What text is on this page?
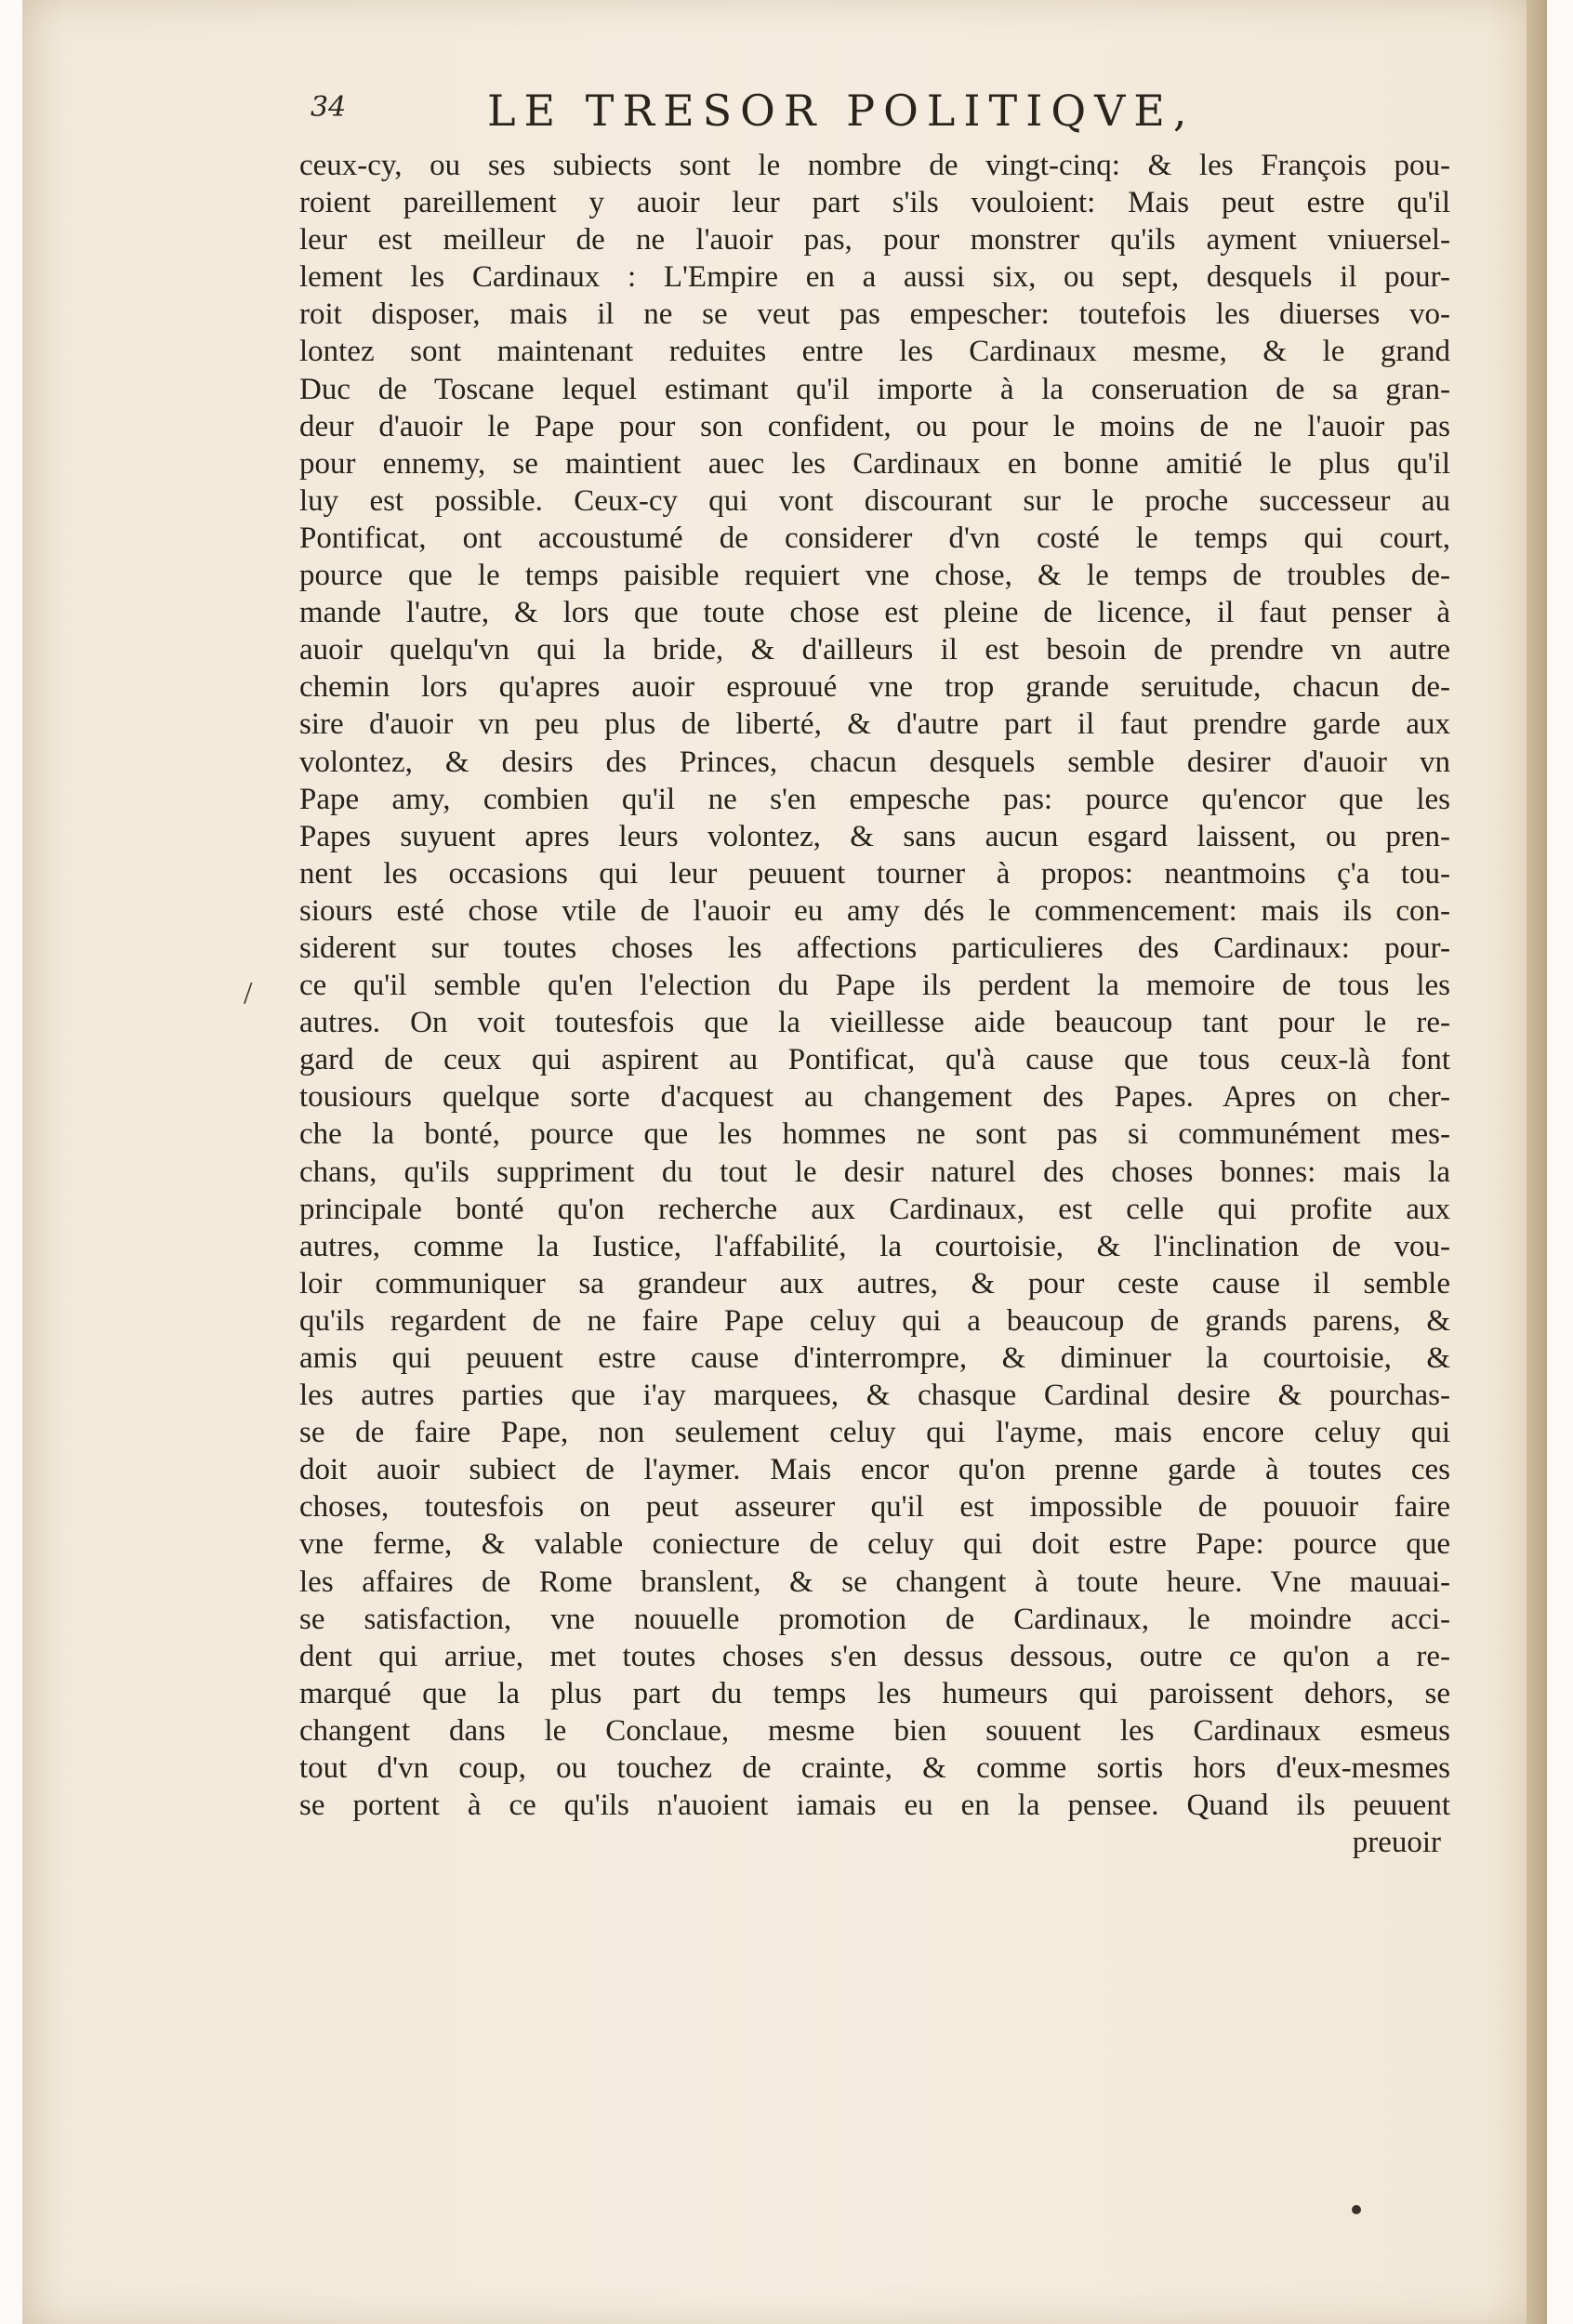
34	LE TRESOR POLITIQVE,
/
ceux-cy, ou ses subiects sont le nombre de vingt-cinq: & les François pou-
roient pareillement y auoir leur part s'ils vouloient: Mais peut estre qu'il
leur est meilleur de ne l'auoir pas, pour monstrer qu'ils ayment vniuersel-
lement les Cardinaux : L'Empire en a aussi six, ou sept, desquels il pour-
roit disposer, mais il ne se veut pas empescher: toutefois les diuerses vo-
lontez sont maintenant reduites entre les Cardinaux mesme, & le grand
Duc de Toscane lequel estimant qu'il importe à la conseruation de sa gran-
deur d'auoir le Pape pour son confident, ou pour le moins de ne l'auoir pas
pour ennemy, se maintient auec les Cardinaux en bonne amitié le plus qu'il
luy est possible. Ceux-cy qui vont discourant sur le proche successeur au
Pontificat, ont accoustumé de considerer d'vn costé le temps qui court,
pource que le temps paisible requiert vne chose, & le temps de troubles de-
mande l'autre, & lors que toute chose est pleine de licence, il faut penser à
auoir quelqu'vn qui la bride, & d'ailleurs il est besoin de prendre vn autre
chemin lors qu'apres auoir esprouué vne trop grande seruitude, chacun de-
sire d'auoir vn peu plus de liberté, & d'autre part il faut prendre garde aux
volontez, & desirs des Princes, chacun desquels semble desirer d'auoir vn
Pape amy, combien qu'il ne s'en empesche pas: pource qu'encor que les
Papes suyuent apres leurs volontez, & sans aucun esgard laissent, ou pren-
nent les occasions qui leur peuuent tourner à propos: neantmoins ç'a tou-
siours esté chose vtile de l'auoir eu amy dés le commencement: mais ils con-
siderent sur toutes choses les affections particulieres des Cardinaux: pour-
ce qu'il semble qu'en l'election du Pape ils perdent la memoire de tous les
autres. On voit toutesfois que la vieillesse aide beaucoup tant pour le re-
gard de ceux qui aspirent au Pontificat, qu'à cause que tous ceux-là font
tousiours quelque sorte d'acquest au changement des Papes. Apres on cher-
che la bonté, pource que les hommes ne sont pas si communément mes-
chans, qu'ils suppriment du tout le desir naturel des choses bonnes: mais la
principale bonté qu'on recherche aux Cardinaux, est celle qui profite aux
autres, comme la Iustice, l'affabilité, la courtoisie, & l'inclination de vou-
loir communiquer sa grandeur aux autres, & pour ceste cause il semble
qu'ils regardent de ne faire Pape celuy qui a beaucoup de grands parens, &
amis qui peuuent estre cause d'interrompre, & diminuer la courtoisie, &
les autres parties que i'ay marquees, & chasque Cardinal desire & pourchas-
se de faire Pape, non seulement celuy qui l'ayme, mais encore celuy qui
doit auoir subiect de l'aymer. Mais encor qu'on prenne garde à toutes ces
choses, toutesfois on peut asseurer qu'il est impossible de pouuoir faire
vne ferme, & valable coniecture de celuy qui doit estre Pape: pource que
les affaires de Rome branslent, & se changent à toute heure. Vne mauuai-
se satisfaction, vne nouuelle promotion de Cardinaux, le moindre acci-
dent qui arriue, met toutes choses s'en dessus dessous, outre ce qu'on a re-
marqué que la plus part du temps les humeurs qui paroissent dehors, se
changent dans le Conclaue, mesme bien souuent les Cardinaux esmeus
tout d'vn coup, ou touchez de crainte, & comme sortis hors d'eux-mesmes
se portent à ce qu'ils n'auoient iamais eu en la pensee. Quand ils peuuent
preuoir
